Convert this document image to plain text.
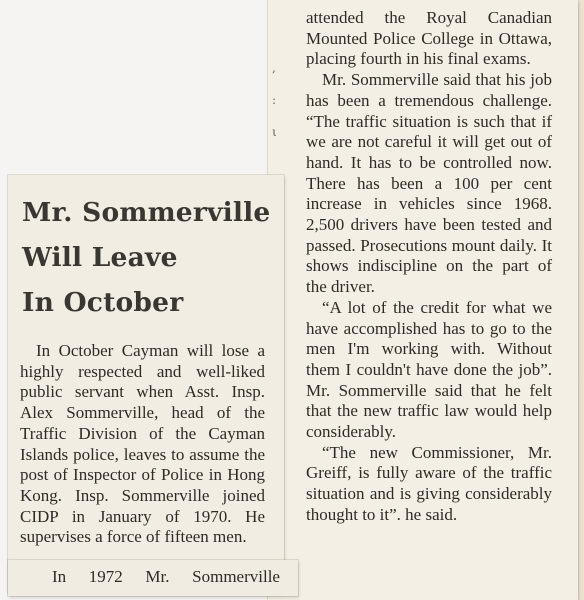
,

:

ι
Mr. Sommerville
Will Leave
In October

In October Cayman will lose a highly respected and well-liked public servant when Asst. Insp. Alex Sommerville, head of the Traffic Division of the Cayman Islands police, leaves to assume the post of Inspector of Police in Hong Kong. Insp. Sommerville joined CIDP in January of 1970. He supervises a force of fifteen men.

In 1972 Mr. Sommerville

attended the Royal Canadian Mounted Police College in Ottawa, placing fourth in his final exams.

Mr. Sommerville said that his job has been a tremendous challenge. “The traffic situation is such that if we are not careful it will get out of hand. It has to be controlled now. There has been a 100 per cent increase in vehicles since 1968. 2,500 drivers have been tested and passed. Prosecutions mount daily. It shows indiscipline on the part of the driver.

“A lot of the credit for what we have accomplished has to go to the men I'm working with. Without them I couldn't have done the job”. Mr. Sommerville said that he felt that the new traffic law would help considerably.

“The new Commissioner, Mr. Greiff, is fully aware of the traffic situation and is giving considerably thought to it”. he said.
